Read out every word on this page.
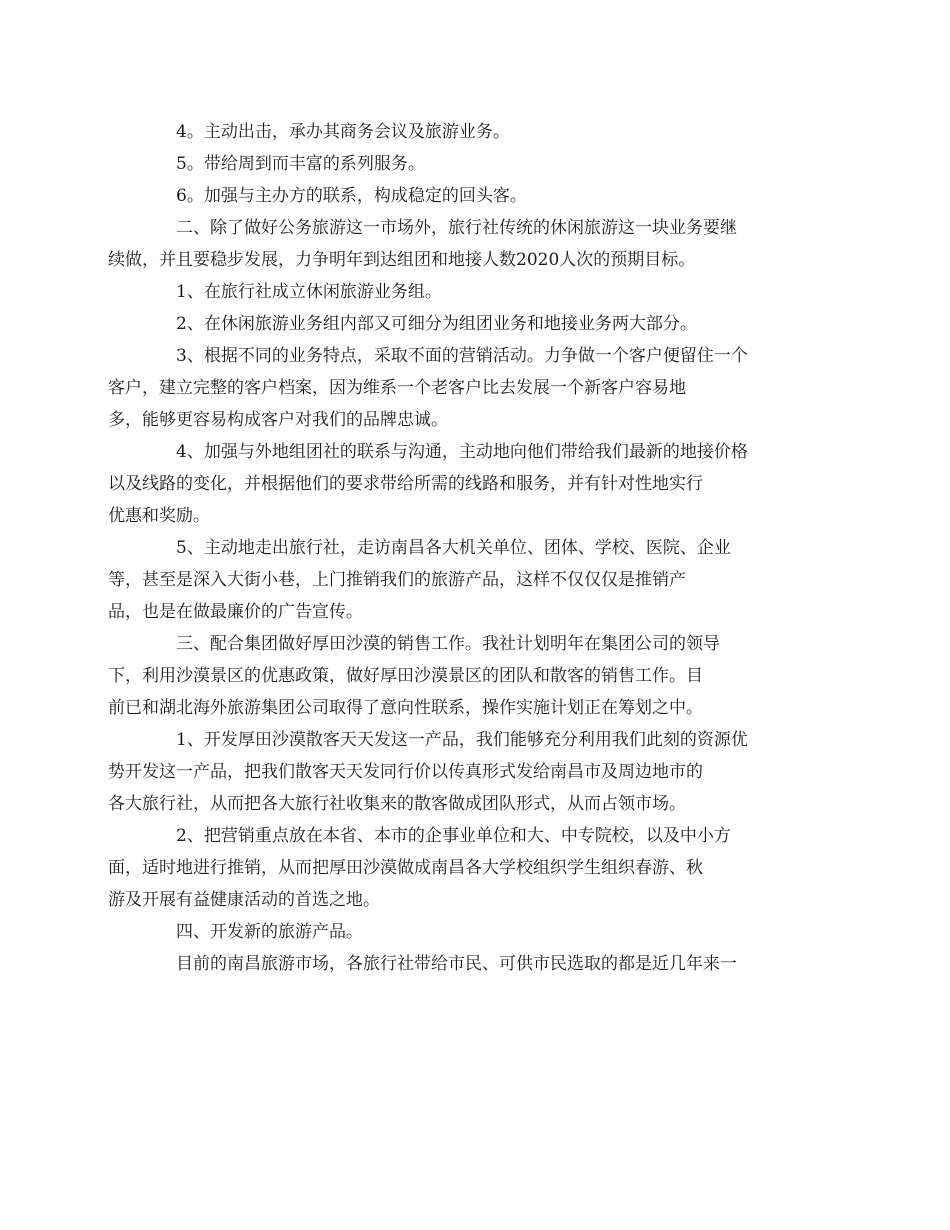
4。主动出击，承办其商务会议及旅游业务。

5。带给周到而丰富的系列服务。

6。加强与主办方的联系，构成稳定的回头客。

二、除了做好公务旅游这一市场外，旅行社传统的休闲旅游这一块业务要继
续做，并且要稳步发展，力争明年到达组团和地接人数2020人次的预期目标。

1、在旅行社成立休闲旅游业务组。

2、在休闲旅游业务组内部又可细分为组团业务和地接业务两大部分。

3、根据不同的业务特点，采取不面的营销活动。力争做一个客户便留住一个
客户，建立完整的客户档案，因为维系一个老客户比去发展一个新客户容易地
多，能够更容易构成客户对我们的品牌忠诚。

4、加强与外地组团社的联系与沟通，主动地向他们带给我们最新的地接价格
以及线路的变化，并根据他们的要求带给所需的线路和服务，并有针对性地实行
优惠和奖励。

5、主动地走出旅行社，走访南昌各大机关单位、团体、学校、医院、企业
等，甚至是深入大街小巷，上门推销我们的旅游产品，这样不仅仅仅是推销产
品，也是在做最廉价的广告宣传。

三、配合集团做好厚田沙漠的销售工作。我社计划明年在集团公司的领导
下，利用沙漠景区的优惠政策，做好厚田沙漠景区的团队和散客的销售工作。目
前已和湖北海外旅游集团公司取得了意向性联系，操作实施计划正在筹划之中。

1、开发厚田沙漠散客天天发这一产品，我们能够充分利用我们此刻的资源优
势开发这一产品，把我们散客天天发同行价以传真形式发给南昌市及周边地市的
各大旅行社，从而把各大旅行社收集来的散客做成团队形式，从而占领市场。

2、把营销重点放在本省、本市的企事业单位和大、中专院校，以及中小方
面，适时地进行推销，从而把厚田沙漠做成南昌各大学校组织学生组织春游、秋
游及开展有益健康活动的首选之地。

四、开发新的旅游产品。

目前的南昌旅游市场，各旅行社带给市民、可供市民选取的都是近几年来一
